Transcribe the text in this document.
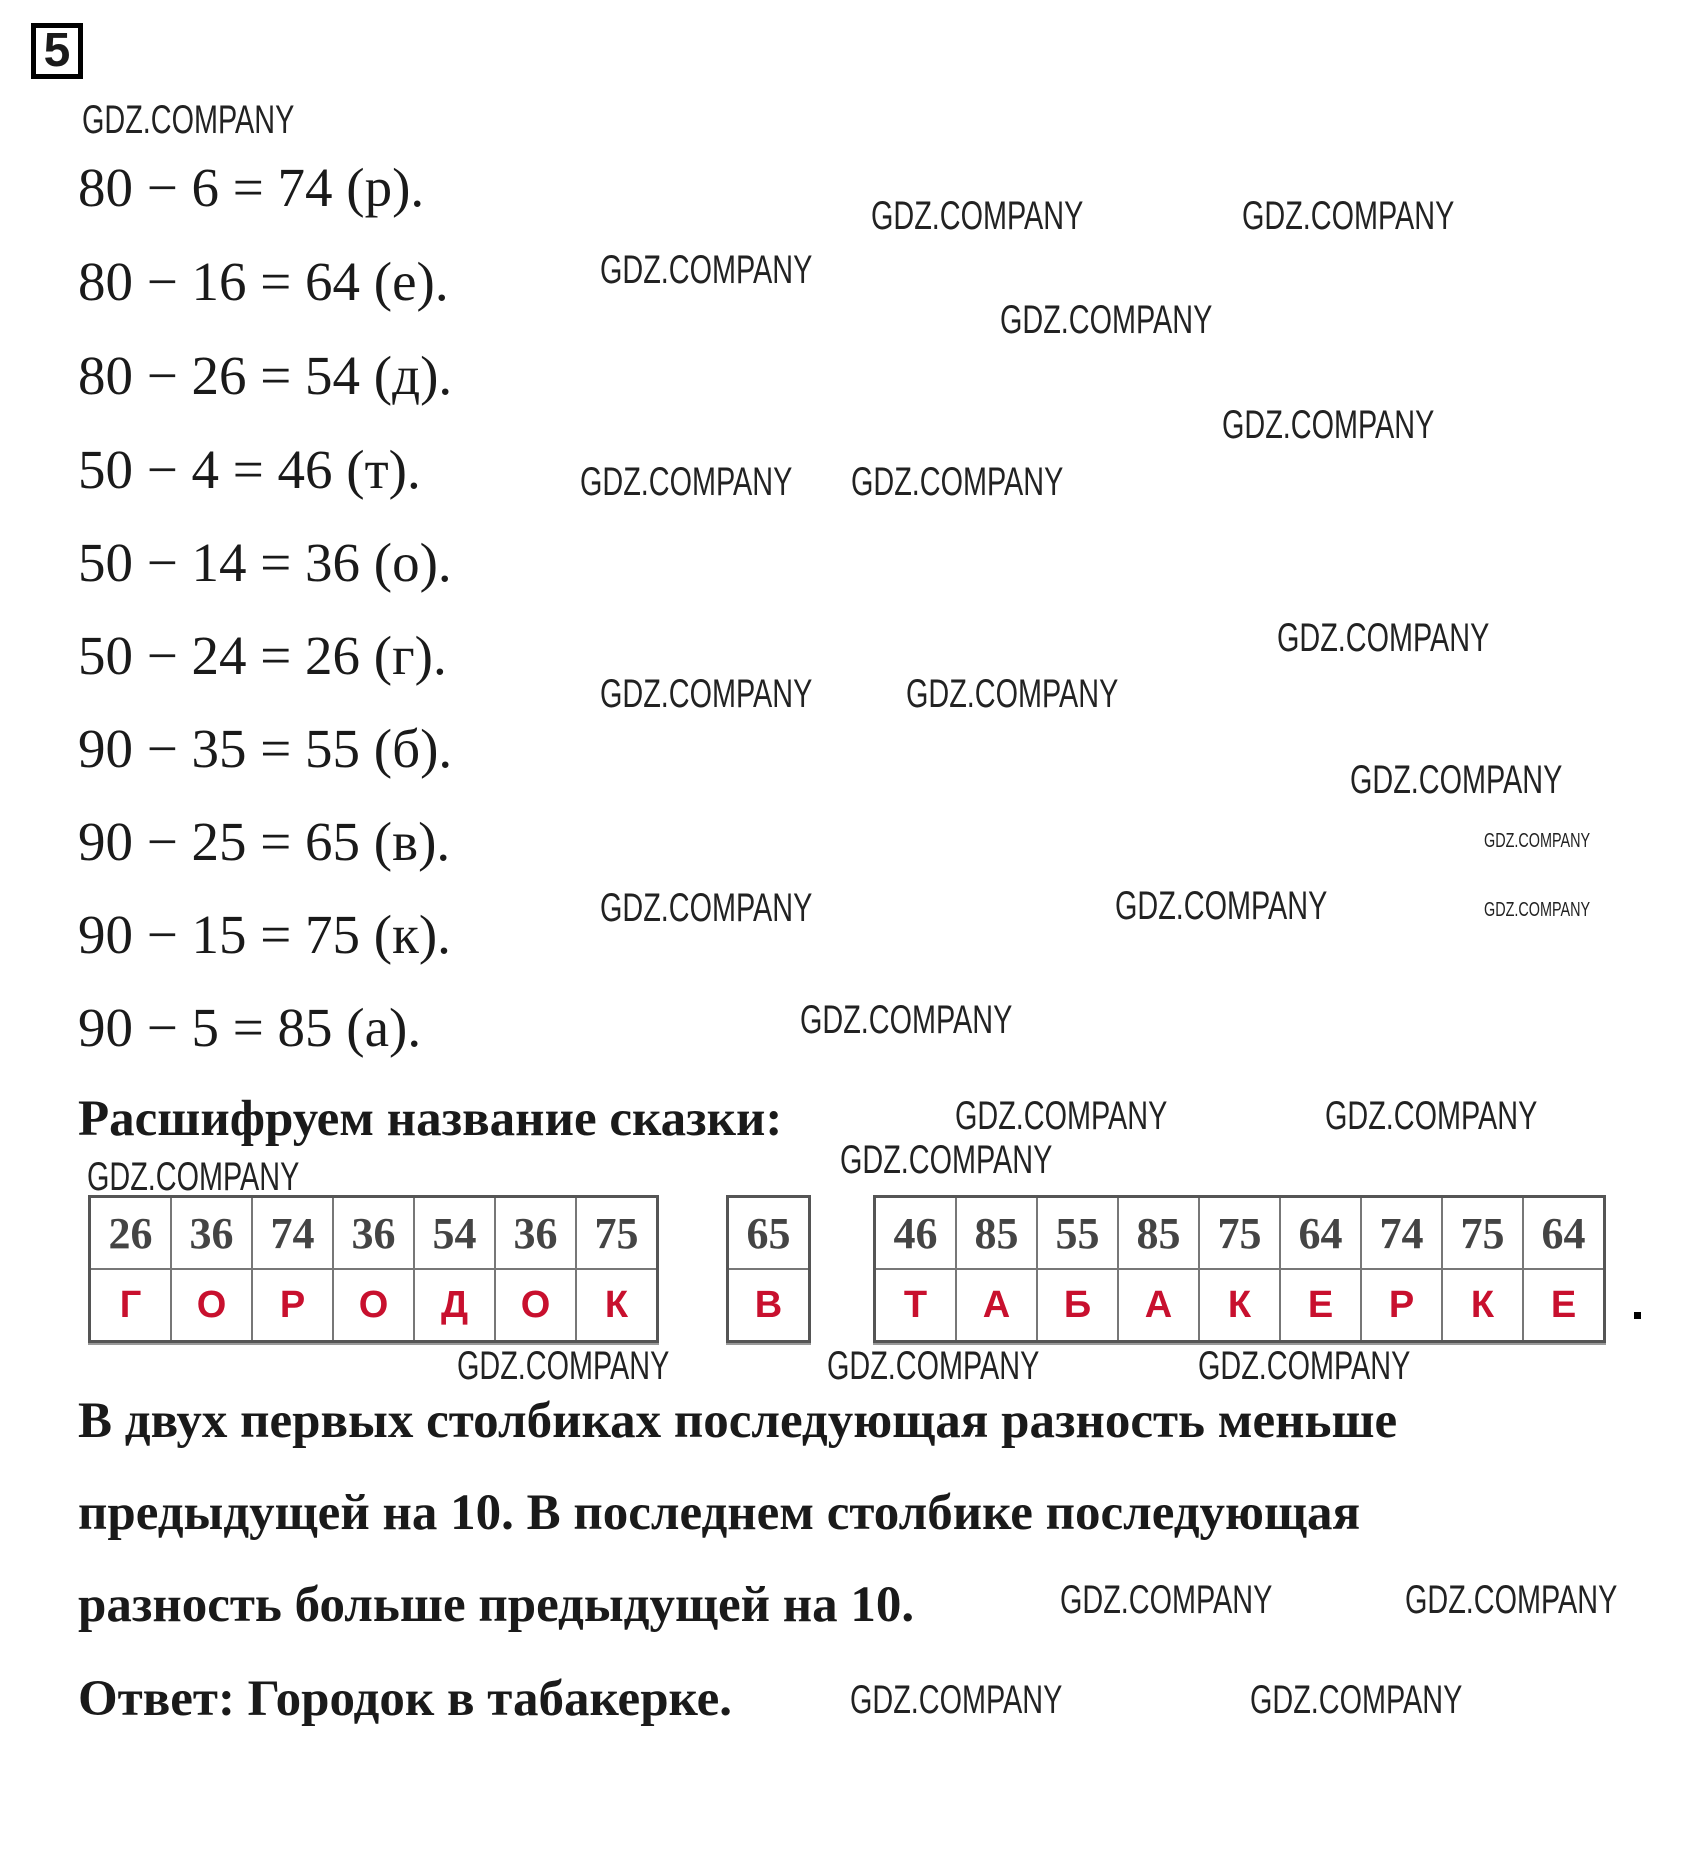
5
80 − 6 = 74 (р).
80 − 16 = 64 (е).
80 − 26 = 54 (д).
50 − 4 = 46 (т).
50 − 14 = 36 (о).
50 − 24 = 26 (г).
90 − 35 = 55 (б).
90 − 25 = 65 (в).
90 − 15 = 75 (к).
90 − 5 = 85 (а).
Расшифруем название сказки:
26	36	74	36	54	36	75
Г	О	Р	О	Д	О	К
65
В
46	85	55	85	75	64	74	75	64
Т	А	Б	А	К	Е	Р	К	Е
В двух первых столбиках последующая разность меньше
предыдущей на 10. В последнем столбике последующая
разность больше предыдущей на 10.
Ответ: Городок в табакерке.
GDZ.COMPANY
GDZ.COMPANY	GDZ.COMPANY
GDZ.COMPANY
GDZ.COMPANY
GDZ.COMPANY
GDZ.COMPANY GDZ.COMPANY
GDZ.COMPANY
GDZ.COMPANY
GDZ.COMPANY GDZ.COMPANY
GDZ.COMPANY
GDZ.COMPANY
GDZ.COMPANY
GDZ.COMPANY
GDZ.COMPANY
GDZ.COMPANY	GDZ.COMPANY
GDZ.COMPANY
GDZ.COMPANY
GDZ.COMPANY	GDZ.COMPANY	GDZ.COMPANY
GDZ.COMPANY	GDZ.COMPANY
GDZ.COMPANY	GDZ.COMPANY
